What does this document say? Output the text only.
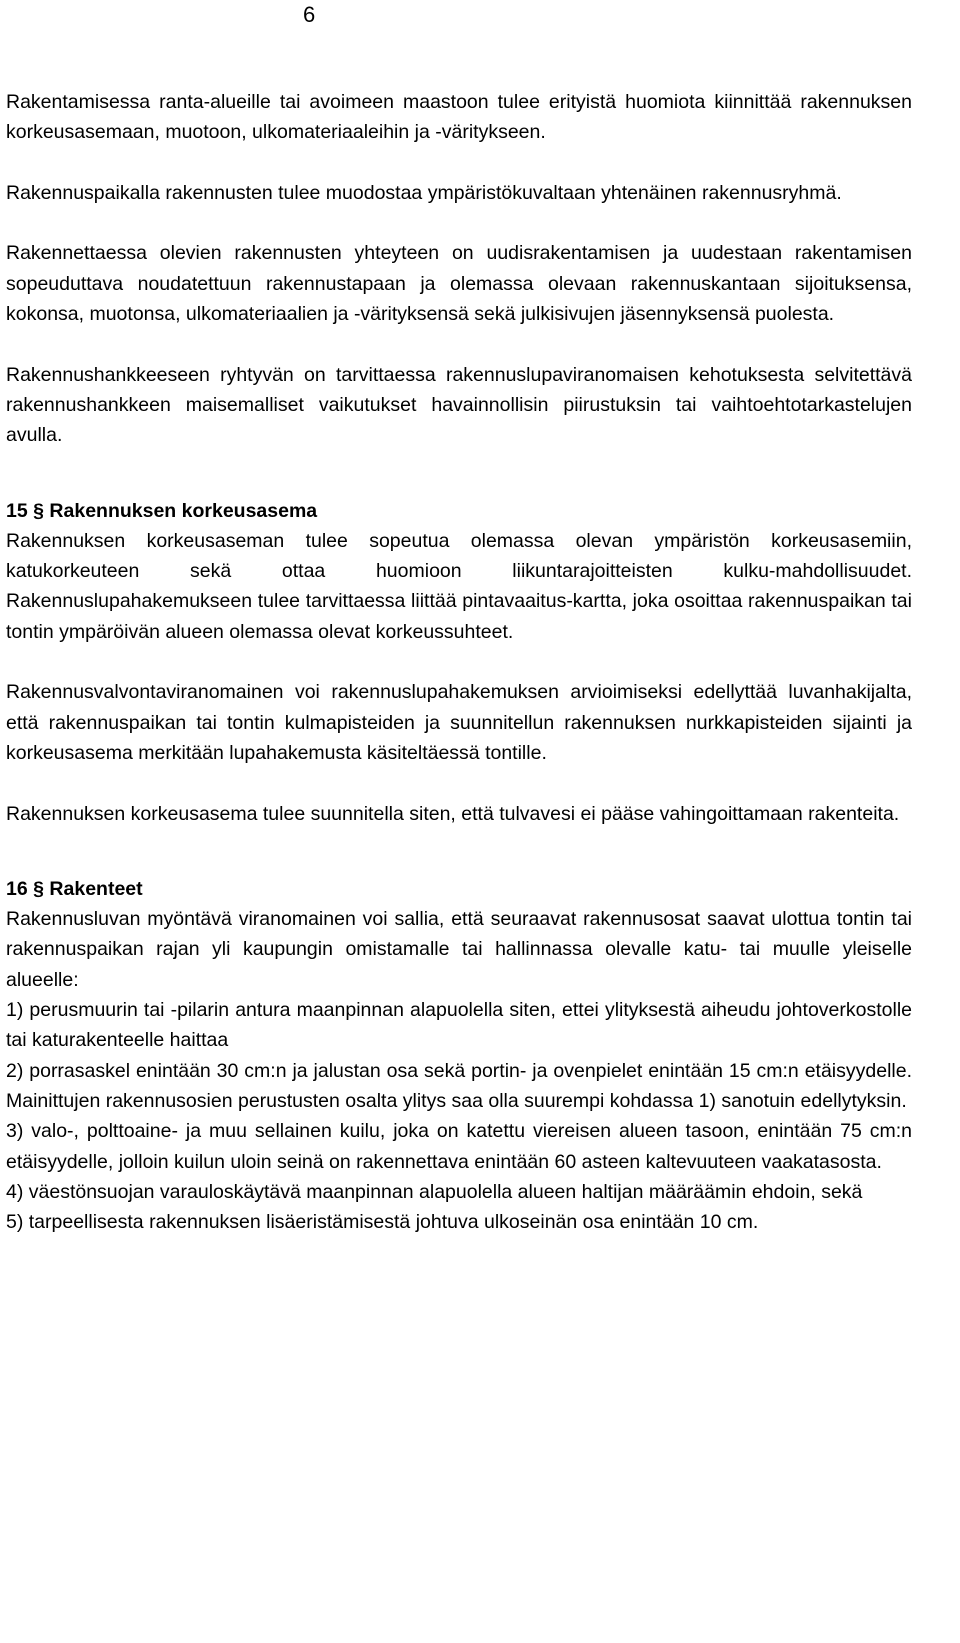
6

Rakentamisessa ranta-alueille tai avoimeen maastoon tulee erityistä huomiota kiinnittää rakennuksen korkeusasemaan, muotoon, ulkomateriaaleihin ja -väritykseen.

Rakennuspaikalla rakennusten tulee muodostaa ympäristökuvaltaan yhtenäinen rakennusryhmä.

Rakennettaessa olevien rakennusten yhteyteen on uudisrakentamisen ja uudestaan rakentamisen sopeuduttava noudatettuun rakennustapaan ja olemassa olevaan rakennuskantaan sijoituksensa, kokonsa, muotonsa, ulkomateriaalien ja -värityksensä sekä julkisivujen jäsennyksensä puolesta.

Rakennushankkeeseen ryhtyvän on tarvittaessa rakennuslupaviranomaisen kehotuksesta selvitettävä rakennushankkeen maisemalliset vaikutukset havainnollisin piirustuksin tai vaihtoehtotarkastelujen avulla.

15 § Rakennuksen korkeusasema

Rakennuksen korkeusaseman tulee sopeutua olemassa olevan ympäristön korkeusasemiin, katukorkeuteen sekä ottaa huomioon liikuntarajoitteisten kulku-mahdollisuudet. Rakennuslupahakemukseen tulee tarvittaessa liittää pintavaaitus-kartta, joka osoittaa rakennuspaikan tai tontin ympäröivän alueen olemassa olevat korkeussuhteet.

Rakennusvalvontaviranomainen voi rakennuslupahakemuksen arvioimiseksi edellyttää luvanhakijalta, että rakennuspaikan tai tontin kulmapisteiden ja suunnitellun rakennuksen nurkkapisteiden sijainti ja korkeusasema merkitään lupahakemusta käsiteltäessä tontille.

Rakennuksen korkeusasema tulee suunnitella siten, että tulvavesi ei pääse vahingoittamaan rakenteita.

16 § Rakenteet

Rakennusluvan myöntävä viranomainen voi sallia, että seuraavat rakennusosat saavat ulottua tontin tai rakennuspaikan rajan yli kaupungin omistamalle tai hallinnassa olevalle katu- tai muulle yleiselle alueelle:

1) perusmuurin tai -pilarin antura maanpinnan alapuolella siten, ettei ylityksestä aiheudu johtoverkostolle tai katurakenteelle haittaa

2) porrasaskel enintään 30 cm:n ja jalustan osa sekä portin- ja ovenpielet enintään 15 cm:n etäisyydelle. Mainittujen rakennusosien perustusten osalta ylitys saa olla suurempi kohdassa 1) sanotuin edellytyksin.

3) valo-, polttoaine- ja muu sellainen kuilu, joka on katettu viereisen alueen tasoon, enintään 75 cm:n etäisyydelle, jolloin kuilun uloin seinä on rakennettava enintään 60 asteen kaltevuuteen vaakatasosta.

4) väestönsuojan varauloskäytävä maanpinnan alapuolella alueen haltijan määräämin ehdoin, sekä

5) tarpeellisesta rakennuksen lisäeristämisestä johtuva ulkoseinän osa enintään 10 cm.
